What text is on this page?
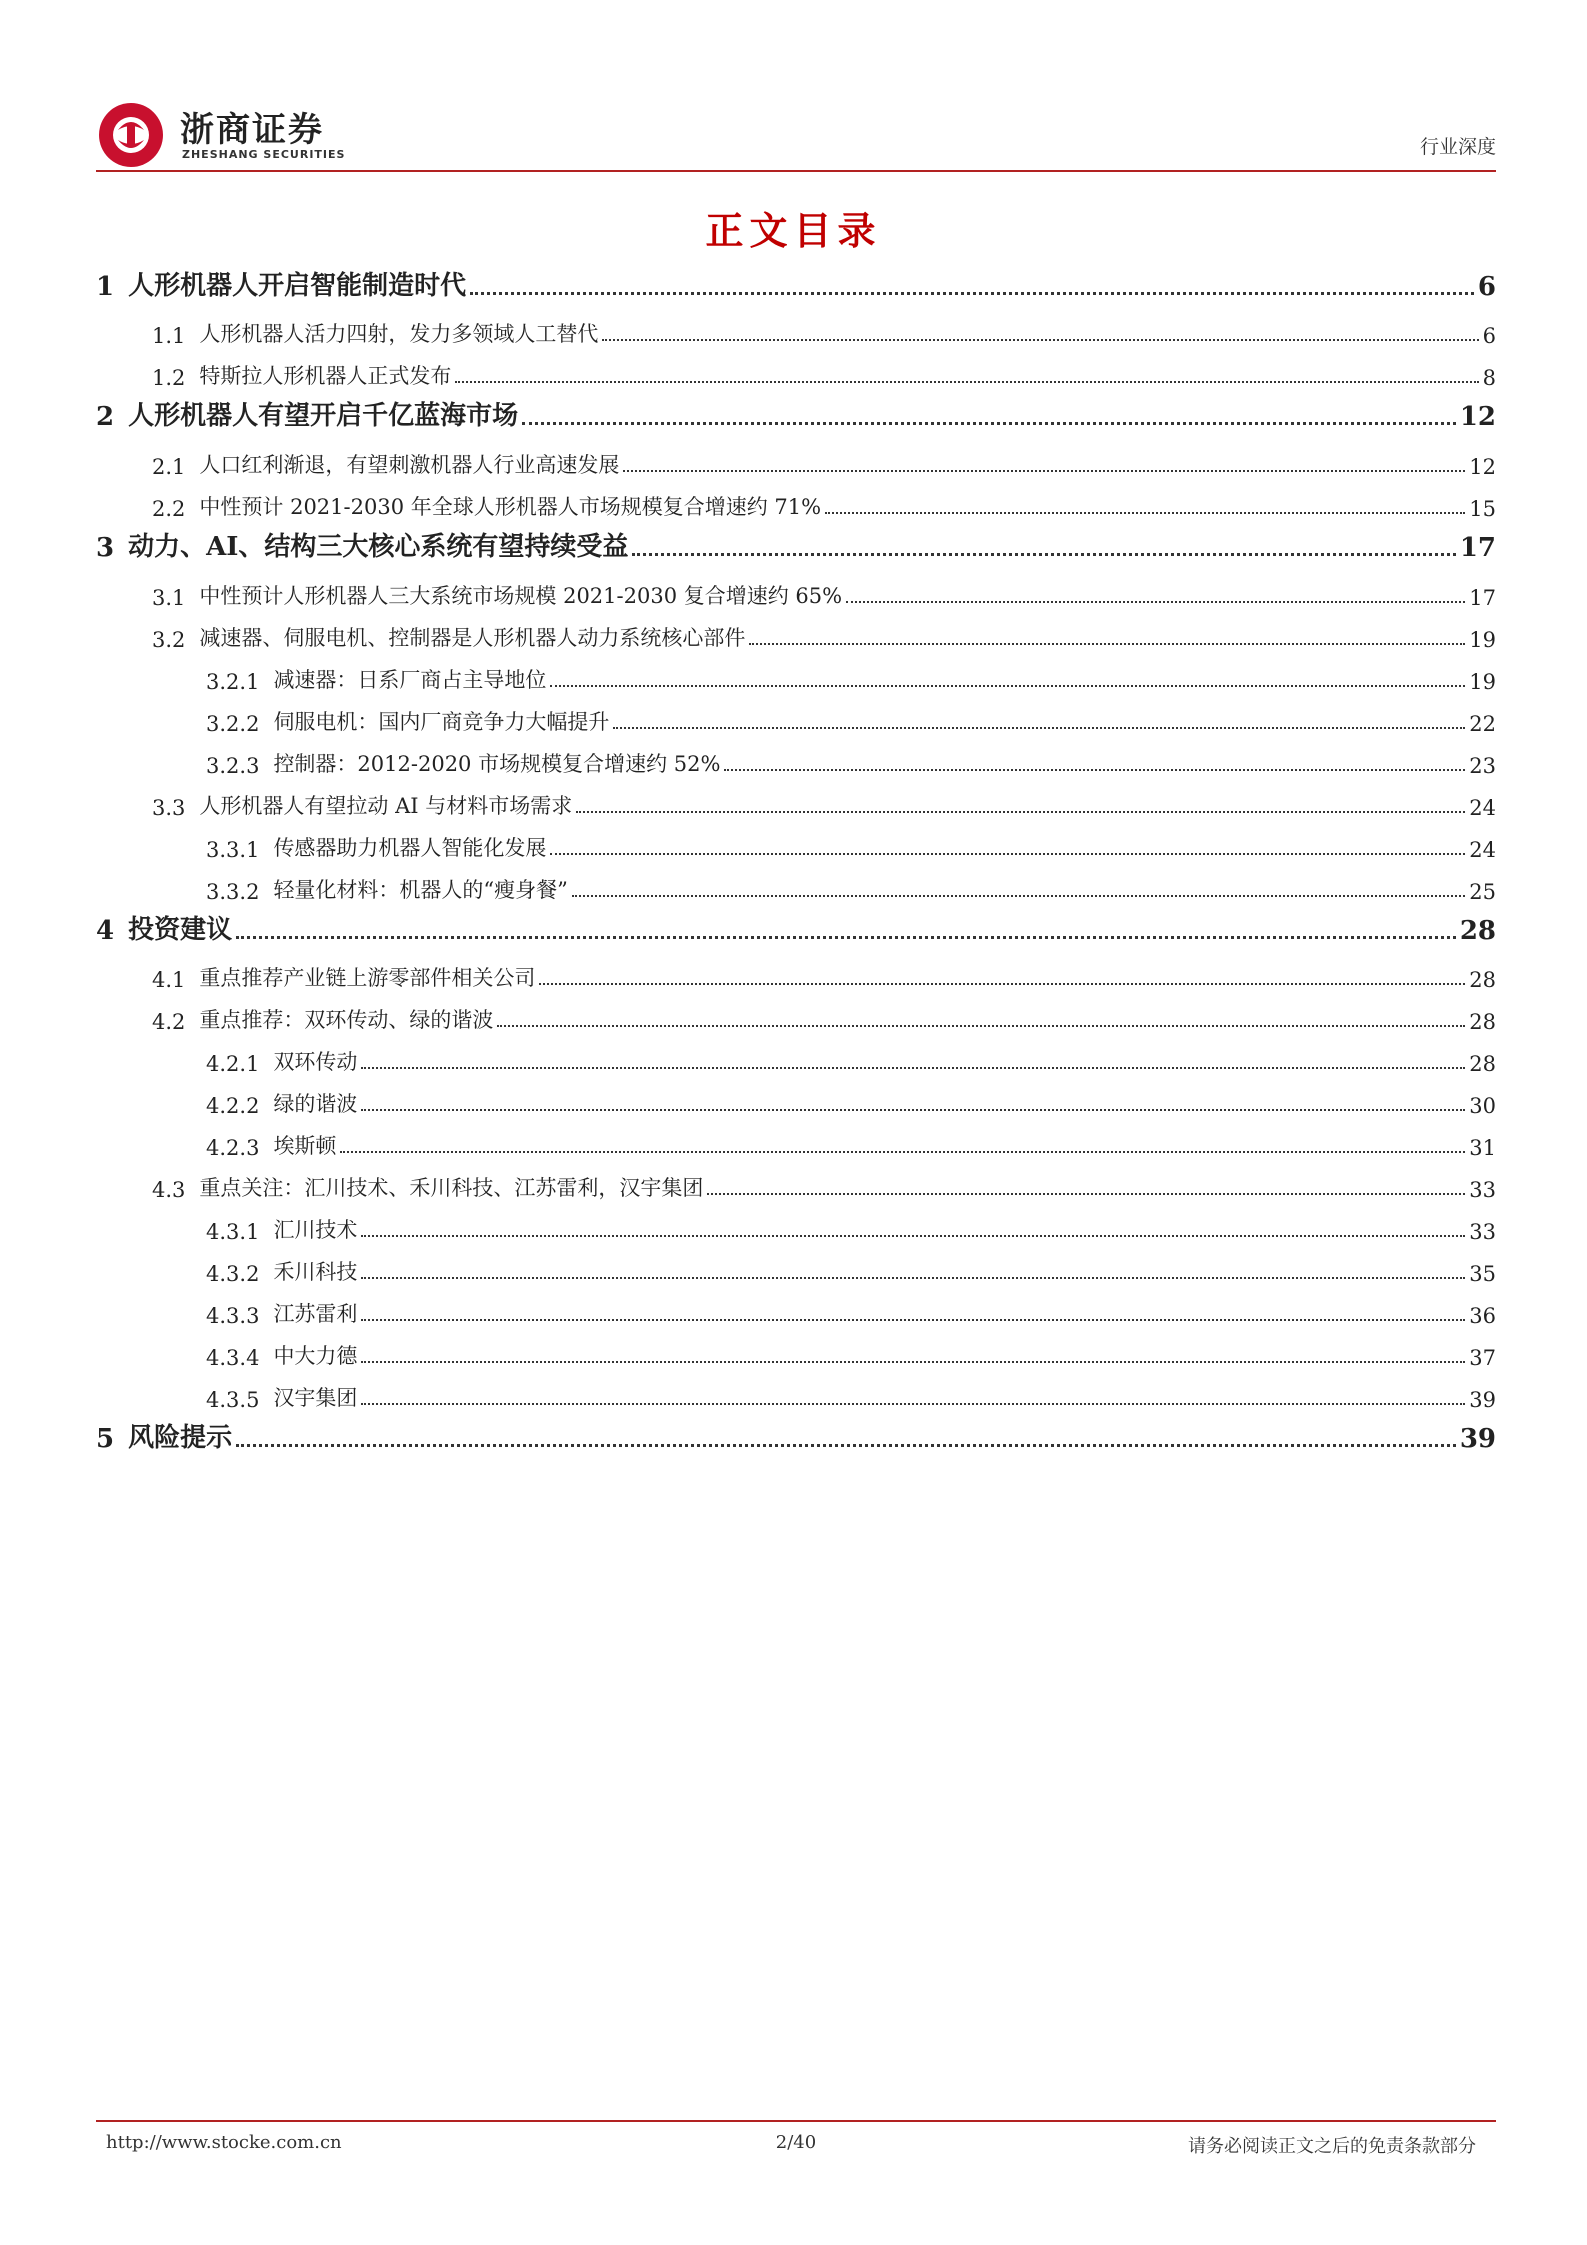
浙商证券
ZHESHANG SECURITIES	行业深度
正文目录
1 人形机器人开启智能制造时代	6
1.1 人形机器人活力四射，发力多领域人工替代	6
1.2 特斯拉人形机器人正式发布	8
2 人形机器人有望开启千亿蓝海市场	12
2.1 人口红利渐退，有望刺激机器人行业高速发展	12
2.2 中性预计 2021-2030 年全球人形机器人市场规模复合增速约 71%	15
3 动力、AI、结构三大核心系统有望持续受益	17
3.1 中性预计人形机器人三大系统市场规模 2021-2030 复合增速约 65%	17
3.2 减速器、伺服电机、控制器是人形机器人动力系统核心部件	19
3.2.1 减速器：日系厂商占主导地位	19
3.2.2 伺服电机：国内厂商竞争力大幅提升	22
3.2.3 控制器：2012-2020 市场规模复合增速约 52%	23
3.3 人形机器人有望拉动 AI 与材料市场需求	24
3.3.1 传感器助力机器人智能化发展	24
3.3.2 轻量化材料：机器人的“瘦身餐”	25
4 投资建议	28
4.1 重点推荐产业链上游零部件相关公司	28
4.2 重点推荐：双环传动、绿的谐波	28
4.2.1 双环传动	28
4.2.2 绿的谐波	30
4.2.3 埃斯顿	31
4.3 重点关注：汇川技术、禾川科技、江苏雷利，汉宇集团	33
4.3.1 汇川技术	33
4.3.2 禾川科技	35
4.3.3 江苏雷利	36
4.3.4 中大力德	37
4.3.5 汉宇集团	39
5 风险提示	39
http://www.stocke.com.cn	2/40	请务必阅读正文之后的免责条款部分
